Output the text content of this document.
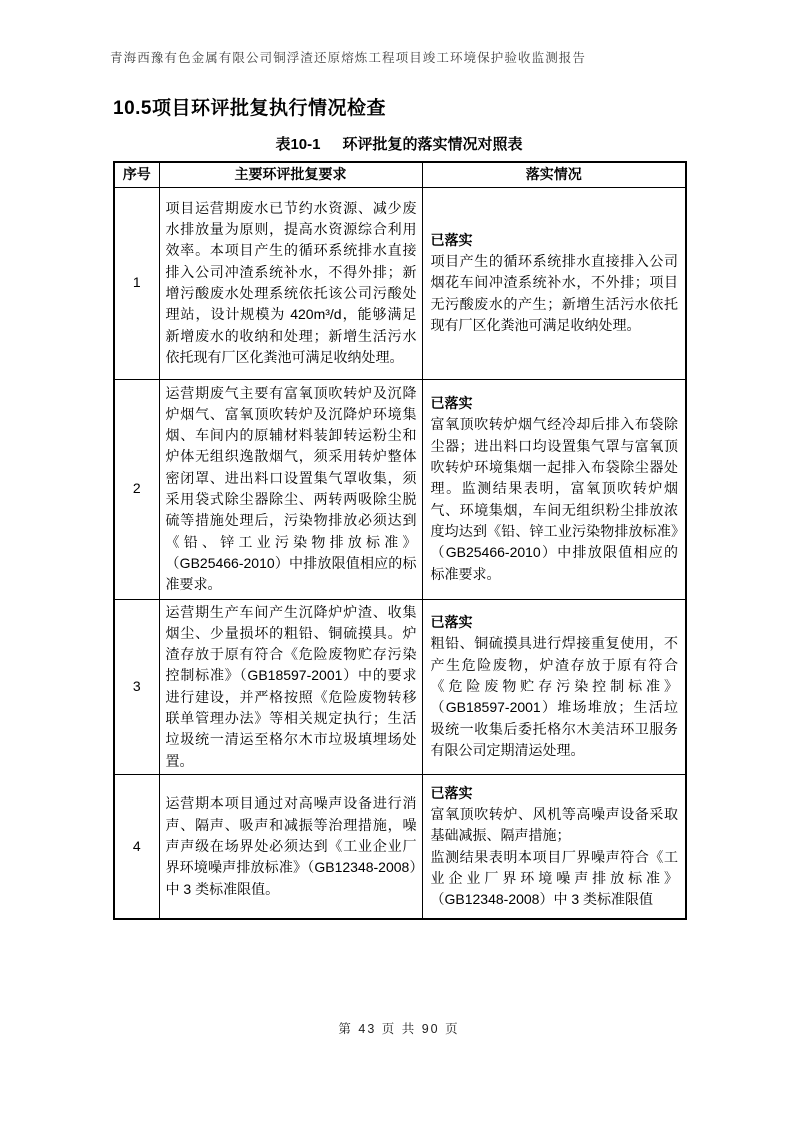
青海西豫有色金属有限公司铜浮渣还原熔炼工程项目竣工环境保护验收监测报告
10.5项目环评批复执行情况检查
表10-1 环评批复的落实情况对照表
序号	主要环评批复要求	落实情况
1	项目运营期废水已节约水资源、减少废水排放量为原则，提高水资源综合利用效率。本项目产生的循环系统排水直接排入公司冲渣系统补水，不得外排；新增污酸废水处理系统依托该公司污酸处理站，设计规模为 420m³/d，能够满足新增废水的收纳和处理；新增生活污水依托现有厂区化粪池可满足收纳处理。	已落实
项目产生的循环系统排水直接排入公司烟花车间冲渣系统补水，不外排；项目无污酸废水的产生；新增生活污水依托现有厂区化粪池可满足收纳处理。

2	运营期废气主要有富氧顶吹转炉及沉降炉烟气、富氧顶吹转炉及沉降炉环境集烟、车间内的原辅材料装卸转运粉尘和炉体无组织逸散烟气，须采用转炉整体密闭罩、进出料口设置集气罩收集，须采用袋式除尘器除尘、两转两吸除尘脱硫等措施处理后，污染物排放必须达到《铅、锌工业污染物排放标准》（GB25466-2010）中排放限值相应的标准要求。	已落实
富氧顶吹转炉烟气经冷却后排入布袋除尘器；进出料口均设置集气罩与富氧顶吹转炉环境集烟一起排入布袋除尘器处理。监测结果表明，富氧顶吹转炉烟气、环境集烟，车间无组织粉尘排放浓度均达到《铅、锌工业污染物排放标准》（GB25466-2010）中排放限值相应的标准要求。

3	运营期生产车间产生沉降炉炉渣、收集烟尘、少量损坏的粗铅、铜硫摸具。炉渣存放于原有符合《危险废物贮存污染控制标准》（GB18597-2001）中的要求进行建设，并严格按照《危险废物转移联单管理办法》等相关规定执行；生活垃圾统一清运至格尔木市垃圾填埋场处置。	已落实
粗铅、铜硫摸具进行焊接重复使用，不产生危险废物，炉渣存放于原有符合《危险废物贮存污染控制标准》（GB18597-2001）堆场堆放；生活垃圾统一收集后委托格尔木美洁环卫服务有限公司定期清运处理。

4	运营期本项目通过对高噪声设备进行消声、隔声、吸声和减振等治理措施，噪声声级在场界处必须达到《工业企业厂界环境噪声排放标准》（GB12348-2008）中 3 类标准限值。	已落实
富氧顶吹转炉、风机等高噪声设备采取基础减振、隔声措施；
监测结果表明本项目厂界噪声符合《工业企业厂界环境噪声排放标准》（GB12348-2008）中 3 类标准限值
第 43 页 共 90 页
